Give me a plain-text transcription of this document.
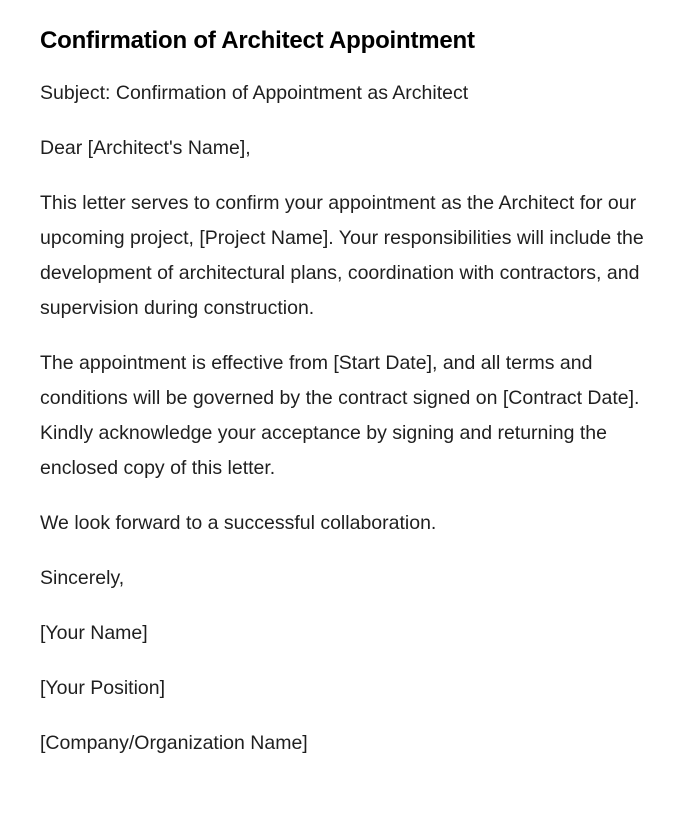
Confirmation of Architect Appointment

Subject: Confirmation of Appointment as Architect

Dear [Architect's Name],

This letter serves to confirm your appointment as the Architect for our upcoming project, [Project Name]. Your responsibilities will include the development of architectural plans, coordination with contractors, and supervision during construction.

The appointment is effective from [Start Date], and all terms and conditions will be governed by the contract signed on [Contract Date]. Kindly acknowledge your acceptance by signing and returning the enclosed copy of this letter.

We look forward to a successful collaboration.

Sincerely,

[Your Name]

[Your Position]

[Company/Organization Name]
